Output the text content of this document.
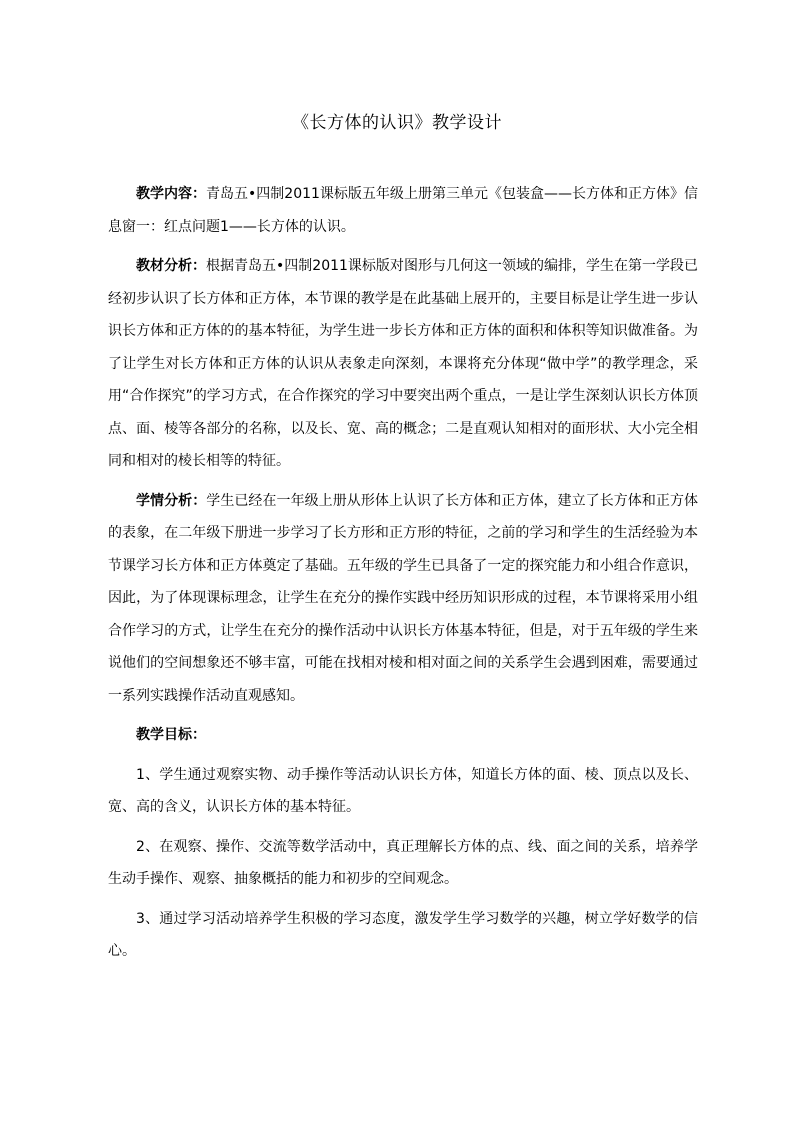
《长方体的认识》教学设计

教学内容：青岛五•四制2011课标版五年级上册第三单元《包装盒——长方体和正方体》信息窗一：红点问题1——长方体的认识。

教材分析：根据青岛五•四制2011课标版对图形与几何这一领域的编排，学生在第一学段已经初步认识了长方体和正方体，本节课的教学是在此基础上展开的，主要目标是让学生进一步认识长方体和正方体的的基本特征，为学生进一步长方体和正方体的面积和体积等知识做准备。为了让学生对长方体和正方体的认识从表象走向深刻，本课将充分体现“做中学”的教学理念，采用“合作探究”的学习方式，在合作探究的学习中要突出两个重点，一是让学生深刻认识长方体顶点、面、棱等各部分的名称，以及长、宽、高的概念；二是直观认知相对的面形状、大小完全相同和相对的棱长相等的特征。

学情分析：学生已经在一年级上册从形体上认识了长方体和正方体，建立了长方体和正方体的表象，在二年级下册进一步学习了长方形和正方形的特征，之前的学习和学生的生活经验为本节课学习长方体和正方体奠定了基础。五年级的学生已具备了一定的探究能力和小组合作意识，因此，为了体现课标理念，让学生在充分的操作实践中经历知识形成的过程，本节课将采用小组合作学习的方式，让学生在充分的操作活动中认识长方体基本特征，但是，对于五年级的学生来说他们的空间想象还不够丰富，可能在找相对棱和相对面之间的关系学生会遇到困难，需要通过一系列实践操作活动直观感知。

教学目标：

1、学生通过观察实物、动手操作等活动认识长方体，知道长方体的面、棱、顶点以及长、宽、高的含义，认识长方体的基本特征。

2、在观察、操作、交流等数学活动中，真正理解长方体的点、线、面之间的关系，培养学生动手操作、观察、抽象概括的能力和初步的空间观念。

3、通过学习活动培养学生积极的学习态度，激发学生学习数学的兴趣，树立学好数学的信心。
